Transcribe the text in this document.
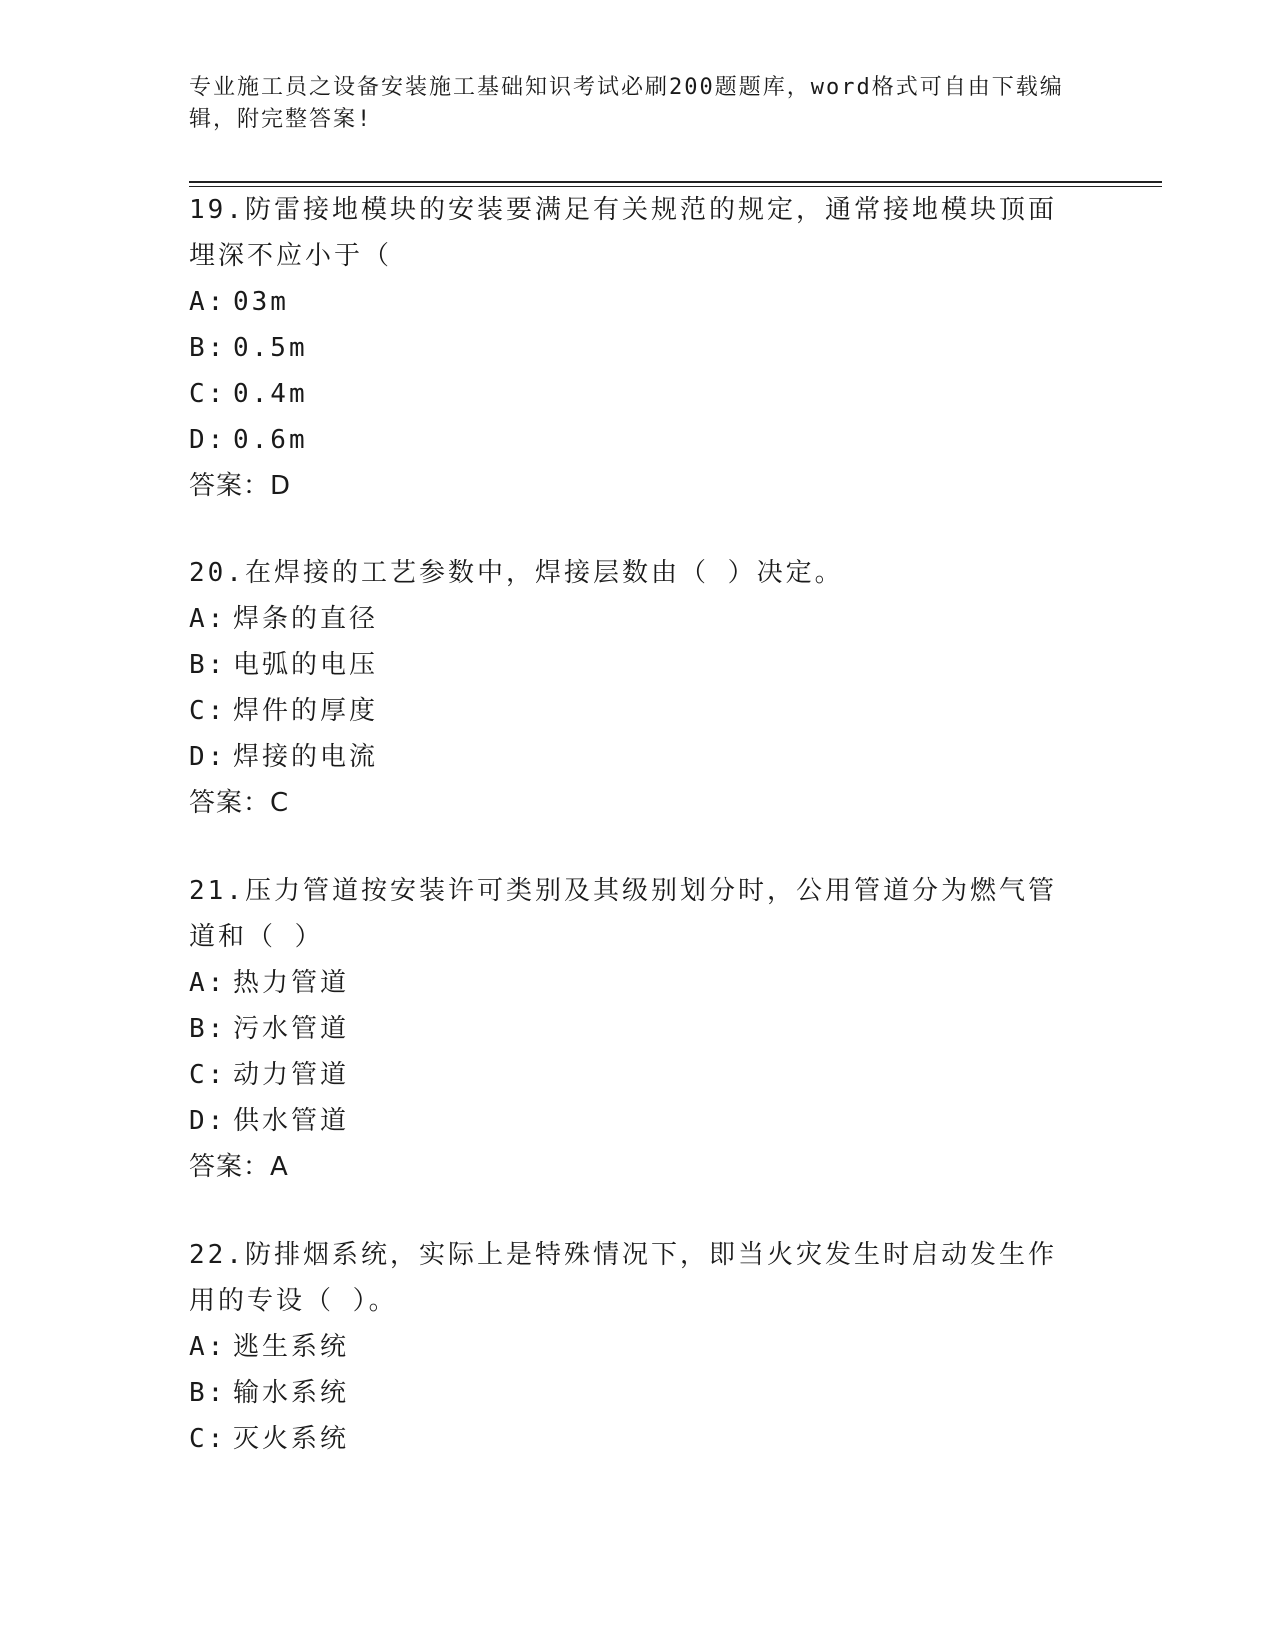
专业施工员之设备安装施工基础知识考试必刷200题题库，word格式可自由下载编辑，附完整答案!
19.防雷接地模块的安装要满足有关规范的规定，通常接地模块顶面埋深不应小于（
A: 03m
B: 0.5m
C: 0.4m
D: 0.6m
答案：D
20.在焊接的工艺参数中，焊接层数由（ ）决定。
A: 焊条的直径
B: 电弧的电压
C: 焊件的厚度
D: 焊接的电流
答案：C
21.压力管道按安装许可类别及其级别划分时，公用管道分为燃气管道和（ ）
A: 热力管道
B: 污水管道
C: 动力管道
D: 供水管道
答案：A
22.防排烟系统，实际上是特殊情况下，即当火灾发生时启动发生作用的专设（ ）。
A: 逃生系统
B: 输水系统
C: 灭火系统
